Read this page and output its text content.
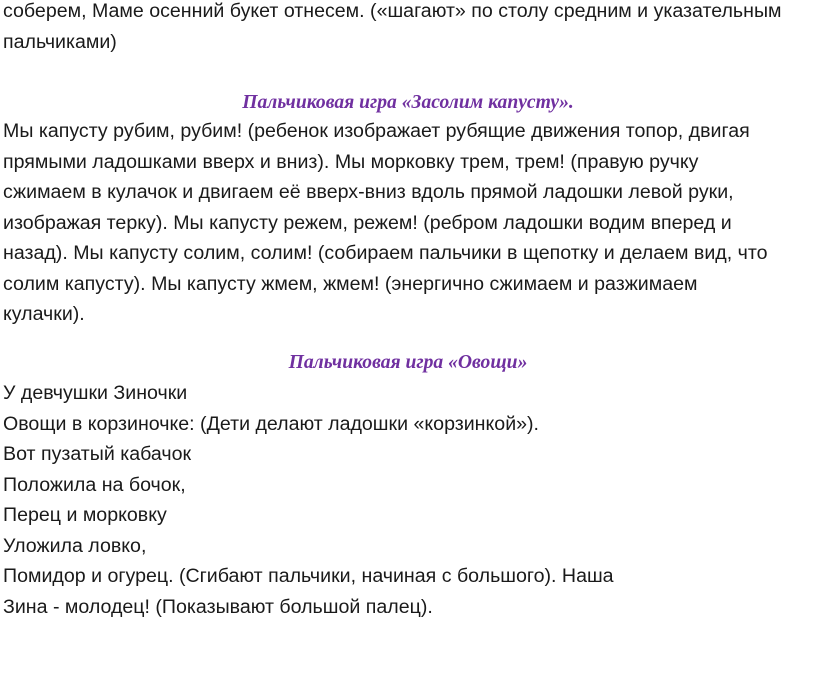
соберем, Маме осенний букет отнесем. («шагают» по столу средним и указательным
пальчиками)
Пальчиковая игра «Засолим капусту».
Мы капусту рубим, рубим! (ребенок изображает рубящие движения топор, двигая
прямыми ладошками вверх и вниз). Мы морковку трем, трем! (правую ручку
сжимаем в кулачок и двигаем её вверх-вниз вдоль прямой ладошки левой руки,
изображая терку). Мы капусту режем, режем! (ребром ладошки водим вперед и
назад). Мы капусту солим, солим! (собираем пальчики в щепотку и делаем вид, что
солим капусту). Мы капусту жмем, жмем! (энергично сжимаем и разжимаем
кулачки).
Пальчиковая игра «Овощи»
У девчушки Зиночки
Овощи в корзиночке: (Дети делают ладошки «корзинкой»).
Вот пузатый кабачок
Положила на бочок,
Перец и морковку
Уложила ловко,
Помидор и огурец. (Сгибают пальчики, начиная с большого). Наша
Зина - молодец! (Показывают большой палец).
